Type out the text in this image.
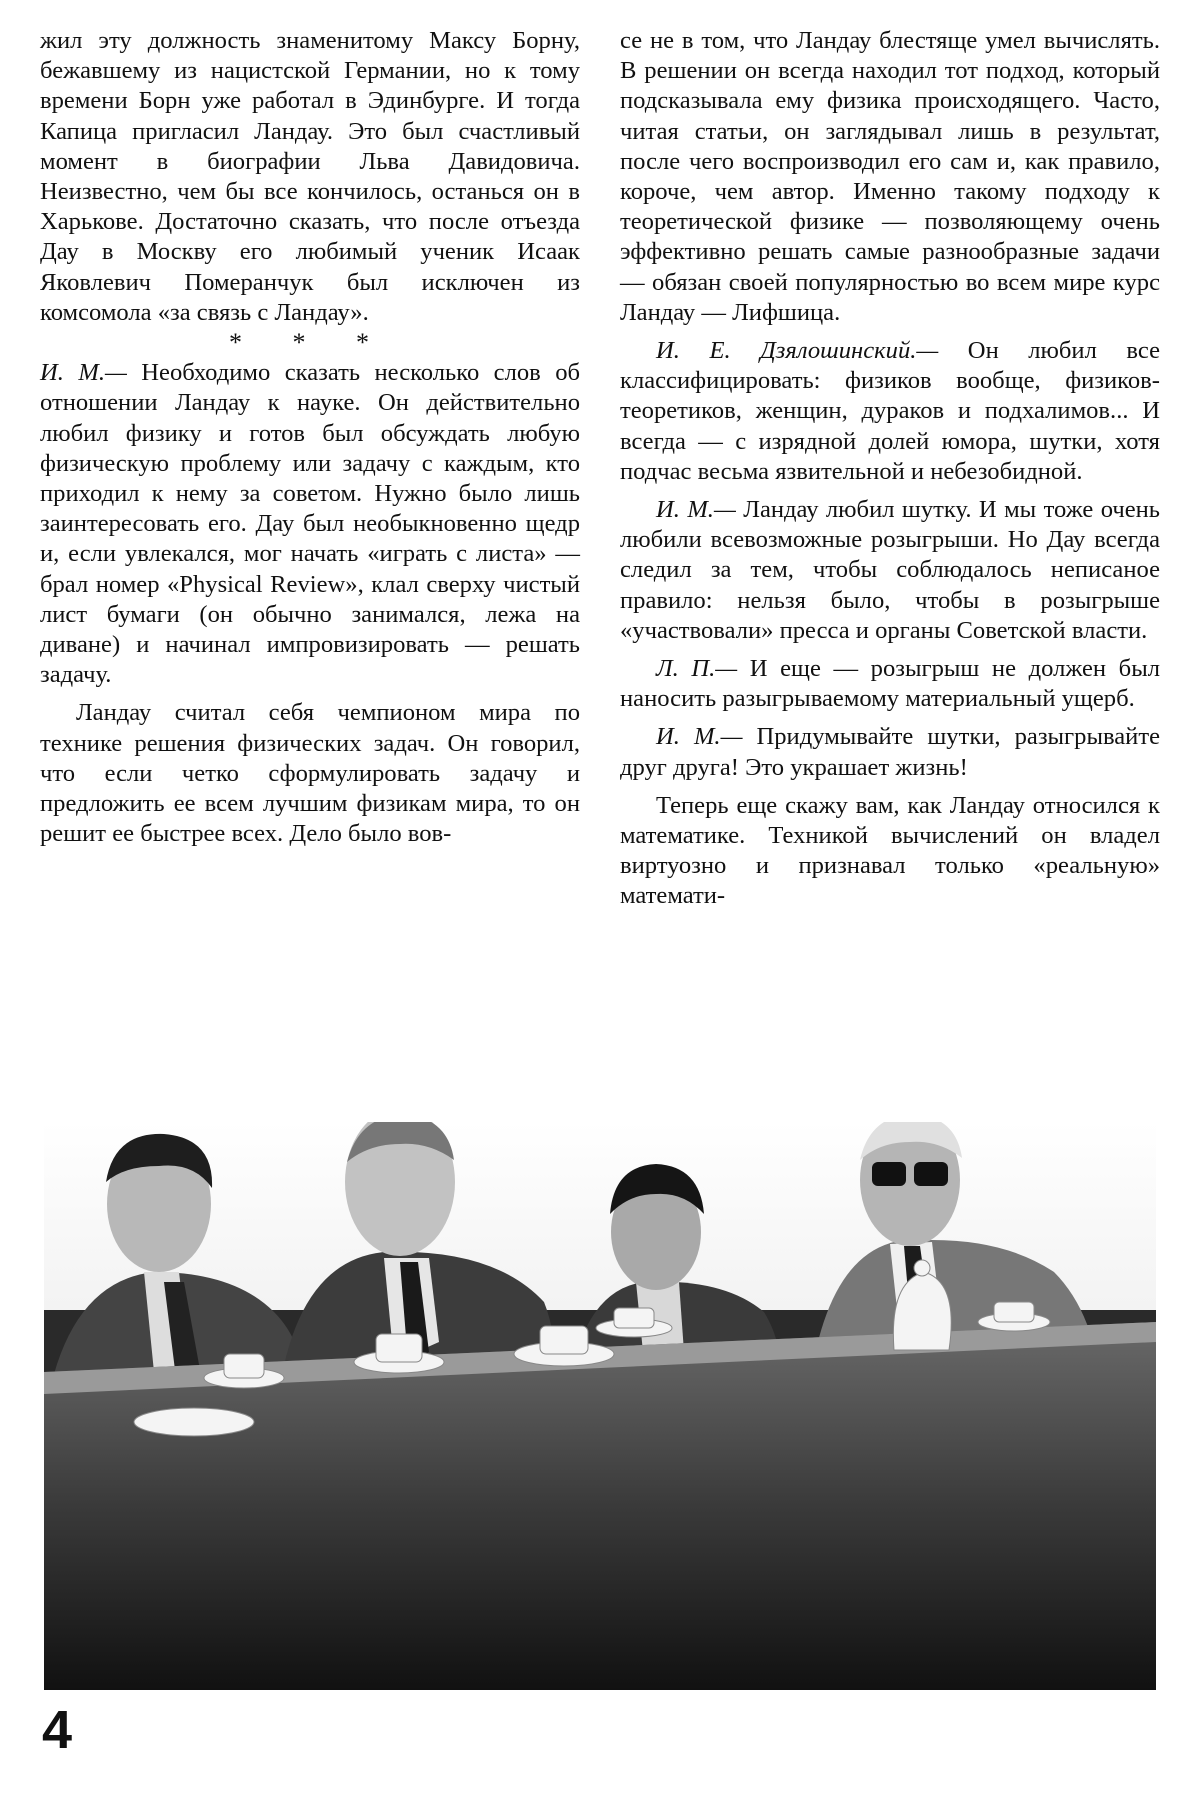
жил эту должность знаменитому Максу Борну, бежавшему из нацистской Германии, но к тому времени Борн уже работал в Эдинбурге. И тогда Капица пригласил Ландау. Это был счастливый момент в биографии Льва Давидовича. Неизвестно, чем бы все кончилось, останься он в Харькове. Достаточно сказать, что после отъезда Дау в Москву его любимый ученик Исаак Яковлевич Померанчук был исключен из комсомола «за связь с Ландау».

* * *

И. М.— Необходимо сказать несколько слов об отношении Ландау к науке. Он действительно любил физику и готов был обсуждать любую физическую проблему или задачу с каждым, кто приходил к нему за советом. Нужно было лишь заинтересовать его. Дау был необыкновенно щедр и, если увлекался, мог начать «играть с листа» — брал номер «Physical Review», клал сверху чистый лист бумаги (он обычно занимался, лежа на диване) и начинал импровизировать — решать задачу.

Ландау считал себя чемпионом мира по технике решения физических задач. Он говорил, что если четко сформулировать задачу и предложить ее всем лучшим физикам мира, то он решит ее быстрее всех. Дело было вов-

се не в том, что Ландау блестяще умел вычислять. В решении он всегда находил тот подход, который подсказывала ему физика происходящего. Часто, читая статьи, он заглядывал лишь в результат, после чего воспроизводил его сам и, как правило, короче, чем автор. Именно такому подходу к теоретической физике — позволяющему очень эффективно решать самые разнообразные задачи — обязан своей популярностью во всем мире курс Ландау — Лифшица.

И. Е. Дзялошинский.— Он любил все классифицировать: физиков вообще, физиков-теоретиков, женщин, дураков и подхалимов... И всегда — с изрядной долей юмора, шутки, хотя подчас весьма язвительной и небезобидной.

И. М.— Ландау любил шутку. И мы тоже очень любили всевозможные розыгрыши. Но Дау всегда следил за тем, чтобы соблюдалось неписаное правило: нельзя было, чтобы в розыгрыше «участвовали» пресса и органы Советской власти.

Л. П.— И еще — розыгрыш не должен был наносить разыгрываемому материальный ущерб.

И. М.— Придумывайте шутки, разыгрывайте друг друга! Это украшает жизнь!

Теперь еще скажу вам, как Ландау относился к математике. Техникой вычислений он владел виртуозно и признавал только «реальную» математи-

4
